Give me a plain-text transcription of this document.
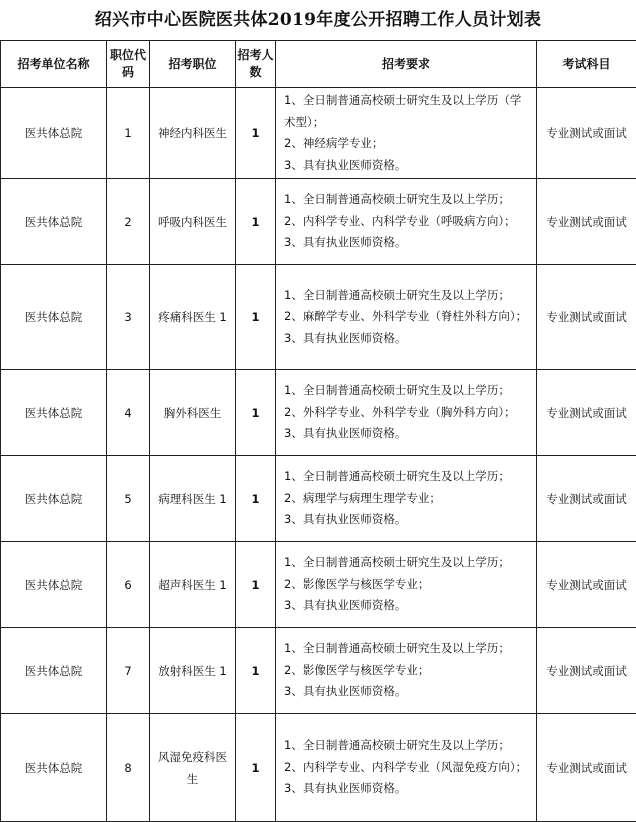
绍兴市中心医院医共体2019年度公开招聘工作人员计划表
招考单位名称	职位代码	招考职位	招考人数	招考要求	考试科目
医共体总院	1	神经内科医生	1	1、全日制普通高校硕士研究生及以上学历（学术型）；
2、神经病学专业；
3、具有执业医师资格。	专业测试或面试
医共体总院	2	呼吸内科医生	1	1、全日制普通高校硕士研究生及以上学历；
2、内科学专业、内科学专业（呼吸病方向）；
3、具有执业医师资格。	专业测试或面试
医共体总院	3	疼痛科医生 1	1	1、全日制普通高校硕士研究生及以上学历；
2、麻醉学专业、外科学专业（脊柱外科方向）；
3、具有执业医师资格。	专业测试或面试
医共体总院	4	胸外科医生	1	1、全日制普通高校硕士研究生及以上学历；
2、外科学专业、外科学专业（胸外科方向）；
3、具有执业医师资格。	专业测试或面试
医共体总院	5	病理科医生 1	1	1、全日制普通高校硕士研究生及以上学历；
2、病理学与病理生理学专业；
3、具有执业医师资格。	专业测试或面试
医共体总院	6	超声科医生 1	1	1、全日制普通高校硕士研究生及以上学历；
2、影像医学与核医学专业；
3、具有执业医师资格。	专业测试或面试
医共体总院	7	放射科医生 1	1	1、全日制普通高校硕士研究生及以上学历；
2、影像医学与核医学专业；
3、具有执业医师资格。	专业测试或面试
医共体总院	8	风湿免疫科医生	1	1、全日制普通高校硕士研究生及以上学历；
2、内科学专业、内科学专业（风湿免疫方向）；
3、具有执业医师资格。	专业测试或面试
